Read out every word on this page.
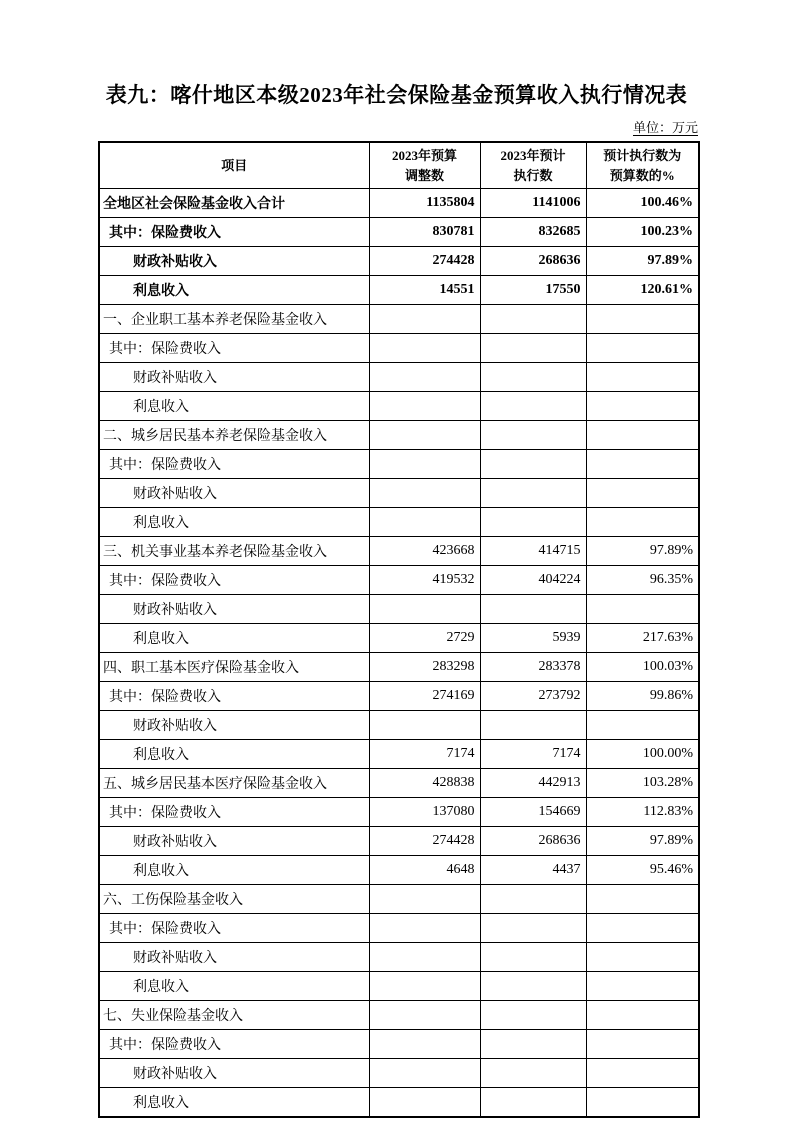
表九：喀什地区本级2023年社会保险基金预算收入执行情况表
单位：万元
项目

2023年预算
调整数

2023年预计
执行数

预计执行数为
预算数的%

全地区社会保险基金收入合计	1135804	1141006	100.46%
其中：保险费收入	830781	832685	100.23%
财政补贴收入	274428	268636	97.89%
利息收入	14551	17550	120.61%
一、企业职工基本养老保险基金收入			
其中：保险费收入			
财政补贴收入			
利息收入			
二、城乡居民基本养老保险基金收入			
其中：保险费收入			
财政补贴收入			
利息收入			
三、机关事业基本养老保险基金收入	423668	414715	97.89%
其中：保险费收入	419532	404224	96.35%
财政补贴收入			
利息收入	2729	5939	217.63%
四、职工基本医疗保险基金收入	283298	283378	100.03%
其中：保险费收入	274169	273792	99.86%
财政补贴收入			
利息收入	7174	7174	100.00%
五、城乡居民基本医疗保险基金收入	428838	442913	103.28%
其中：保险费收入	137080	154669	112.83%
财政补贴收入	274428	268636	97.89%
利息收入	4648	4437	95.46%
六、工伤保险基金收入			
其中：保险费收入			
财政补贴收入			
利息收入			
七、失业保险基金收入			
其中：保险费收入			
财政补贴收入			
利息收入			
